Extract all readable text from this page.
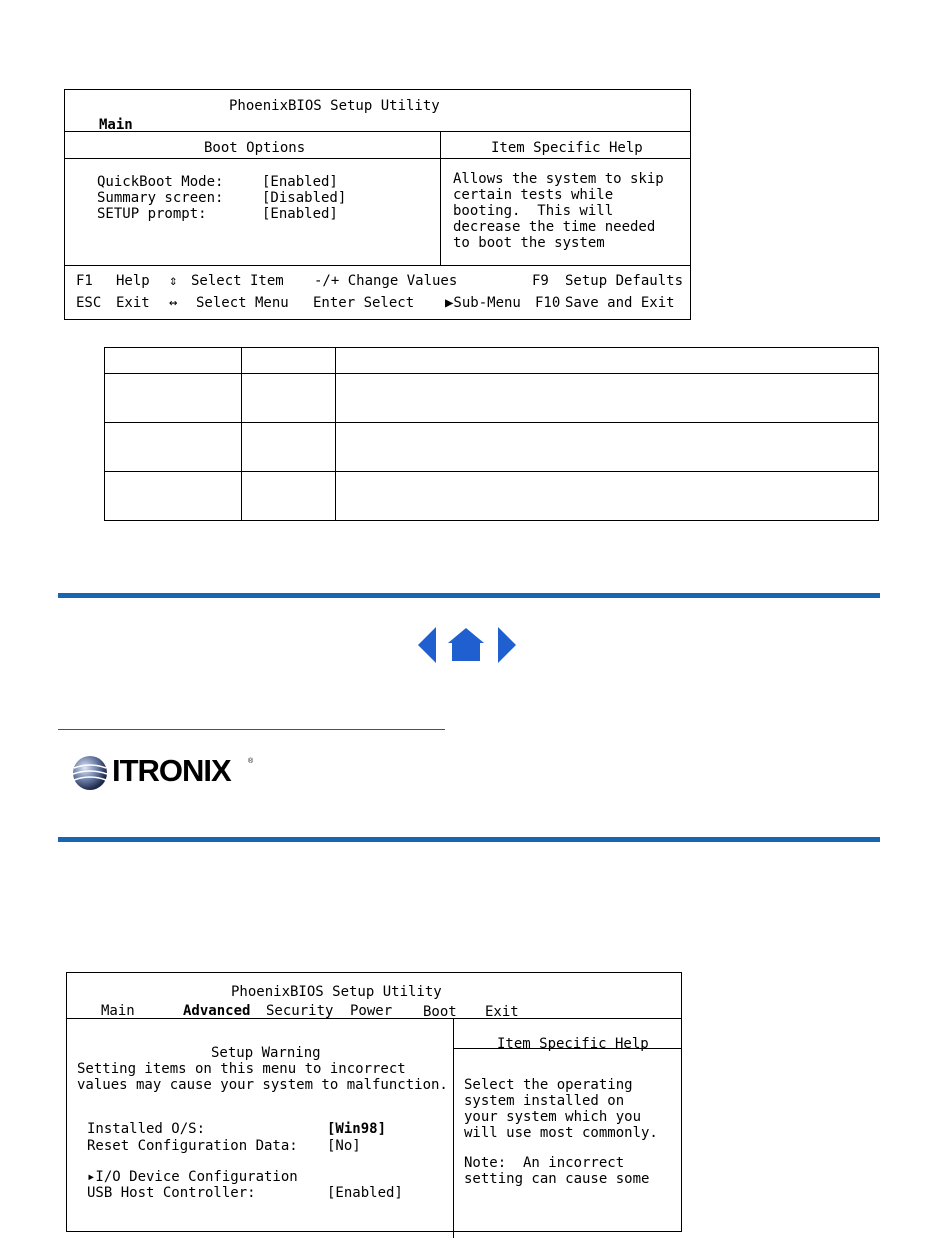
PhoenixBIOS Setup Utility
Main
Boot Options	Item Specific Help
QuickBoot Mode:	[Enabled]
Summary screen:	[Disabled]
SETUP prompt:	[Enabled]
Allows the system to skip
certain tests while
booting.  This will
decrease the time needed
to boot the system
F1 Help ⇕ Select Item -/+ Change Values	F9 Setup Defaults
ESC Exit ↔ Select Menu Enter Select ▶Sub-Menu F10 Save and Exit

ITRONIX ®
PhoenixBIOS Setup Utility
Main	Advanced Security Power Boot Exit
Item Specific Help
Setup Warning
Setting items on this menu to incorrect
values may cause your system to malfunction.
Installed O/S:	[Win98]
Reset Configuration Data: [No]
▸I/O Device Configuration
USB Host Controller:	[Enabled]
Select the operating
system installed on
your system which you
will use most commonly.
Note:  An incorrect
setting can cause some
